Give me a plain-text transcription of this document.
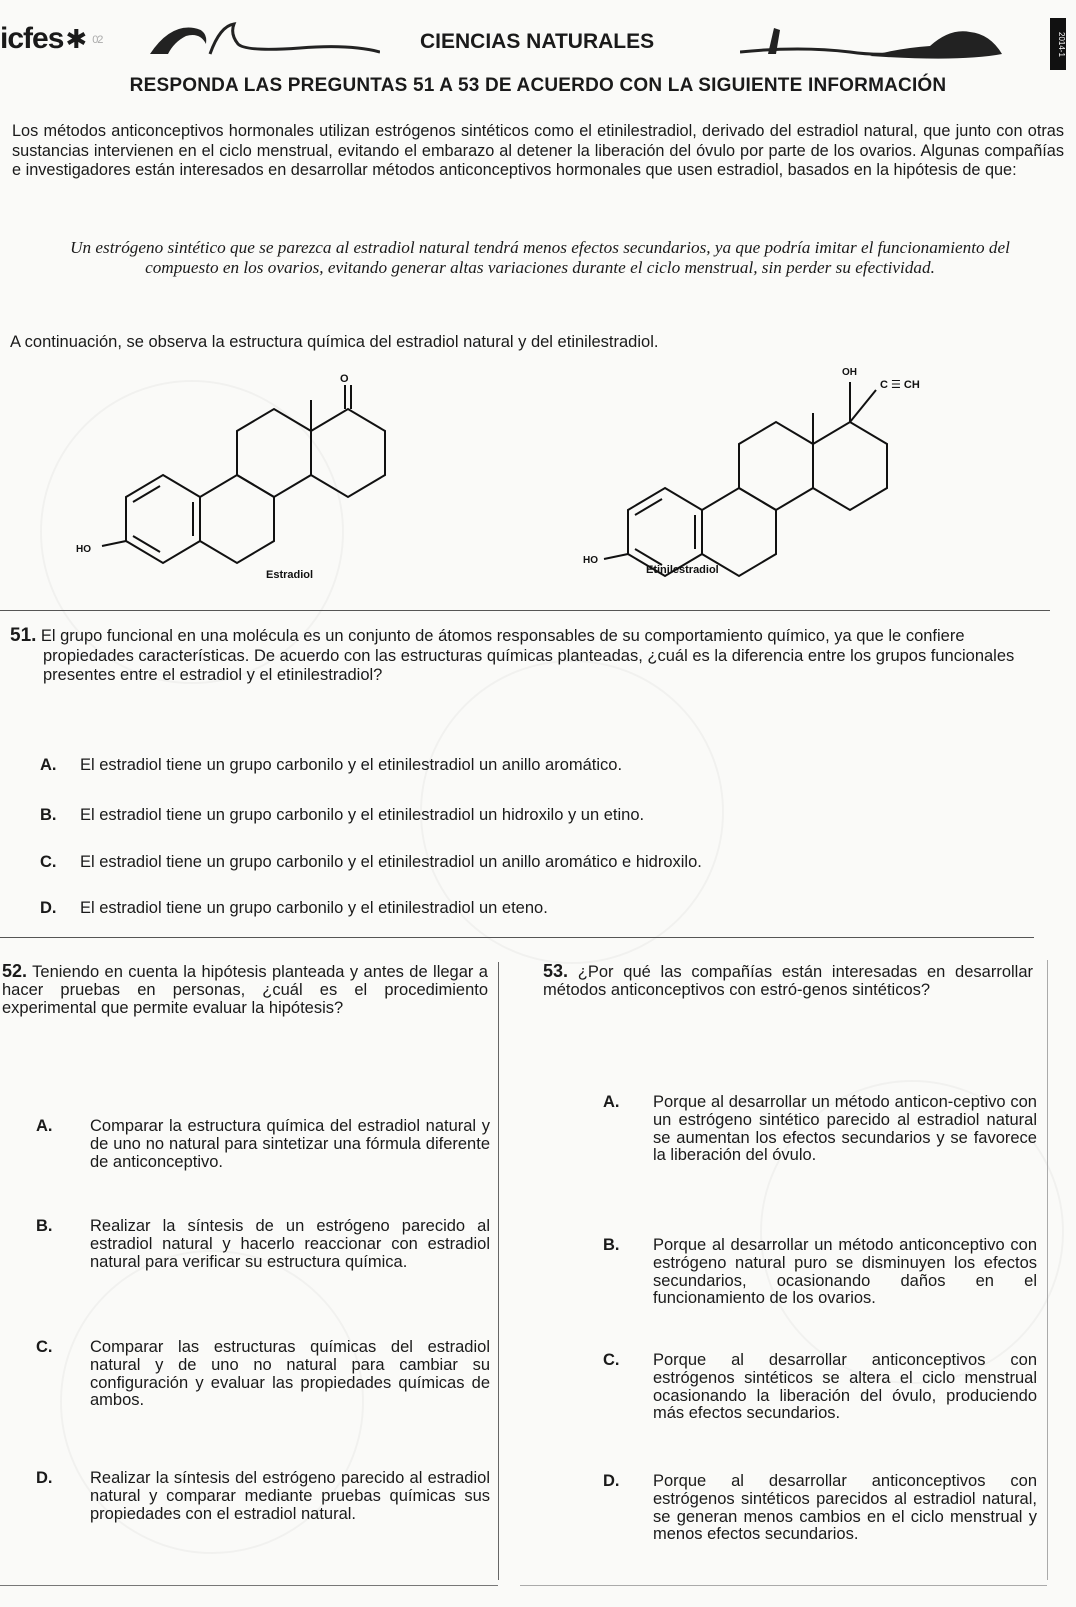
icfes✱ 02	CIENCIAS NATURALES	2014-1
RESPONDA LAS PREGUNTAS 51 A 53 DE ACUERDO CON LA SIGUIENTE INFORMACIÓN

Los métodos anticonceptivos hormonales utilizan estrógenos sintéticos como el etinilestradiol, derivado del estradiol natural, que junto con otras sustancias intervienen en el ciclo menstrual, evitando el embarazo al detener la liberación del óvulo por parte de los ovarios. Algunas compañías e investigadores están interesados en desarrollar métodos anticonceptivos hormonales que usen estradiol, basados en la hipótesis de que:

Un estrógeno sintético que se parezca al estradiol natural tendrá menos efectos secundarios, ya que podría imitar el funcionamiento del compuesto en los ovarios, evitando generar altas variaciones durante el ciclo menstrual, sin perder su efectividad.

A continuación, se observa la estructura química del estradiol natural y del etinilestradiol.

O
HO
Estradiol
OH
C ☰ CH
HO
Etinilestradiol
51. El grupo funcional en una molécula es un conjunto de átomos responsables de su comportamiento químico, ya que le confiere propiedades características. De acuerdo con las estructuras químicas planteadas, ¿cuál es la diferencia entre los grupos funcionales presentes entre el estradiol y el etinilestradiol?
A. El estradiol tiene un grupo carbonilo y el etinilestradiol un anillo aromático.
B. El estradiol tiene un grupo carbonilo y el etinilestradiol un hidroxilo y un etino.
C. El estradiol tiene un grupo carbonilo y el etinilestradiol un anillo aromático e hidroxilo.
D. El estradiol tiene un grupo carbonilo y el etinilestradiol un eteno.
52. Teniendo en cuenta la hipótesis planteada y antes de llegar a hacer pruebas en personas, ¿cuál es el procedimiento experimental que permite evaluar la hipótesis?
A. Comparar la estructura química del estradiol natural y de uno no natural para sintetizar una fórmula diferente de anticonceptivo.
B. Realizar la síntesis de un estrógeno parecido al estradiol natural y hacerlo reaccionar con estradiol natural para verificar su estructura química.
C. Comparar las estructuras químicas del estradiol natural y de uno no natural para cambiar su configuración y evaluar las propiedades químicas de ambos.
D. Realizar la síntesis del estrógeno parecido al estradiol natural y comparar mediante pruebas químicas sus propiedades con el estradiol natural.
53. ¿Por qué las compañías están interesadas en desarrollar métodos anticonceptivos con estró-genos sintéticos?
A. Porque al desarrollar un método anticon-ceptivo con un estrógeno sintético parecido al estradiol natural se aumentan los efectos secundarios y se favorece la liberación del óvulo.
B. Porque al desarrollar un método anticonceptivo con estrógeno natural puro se disminuyen los efectos secundarios, ocasionando daños en el funcionamiento de los ovarios.
C. Porque al desarrollar anticonceptivos con estrógenos sintéticos se altera el ciclo menstrual ocasionando la liberación del óvulo, produciendo más efectos secundarios.
D. Porque al desarrollar anticonceptivos con estrógenos sintéticos parecidos al estradiol natural, se generan menos cambios en el ciclo menstrual y menos efectos secundarios.
